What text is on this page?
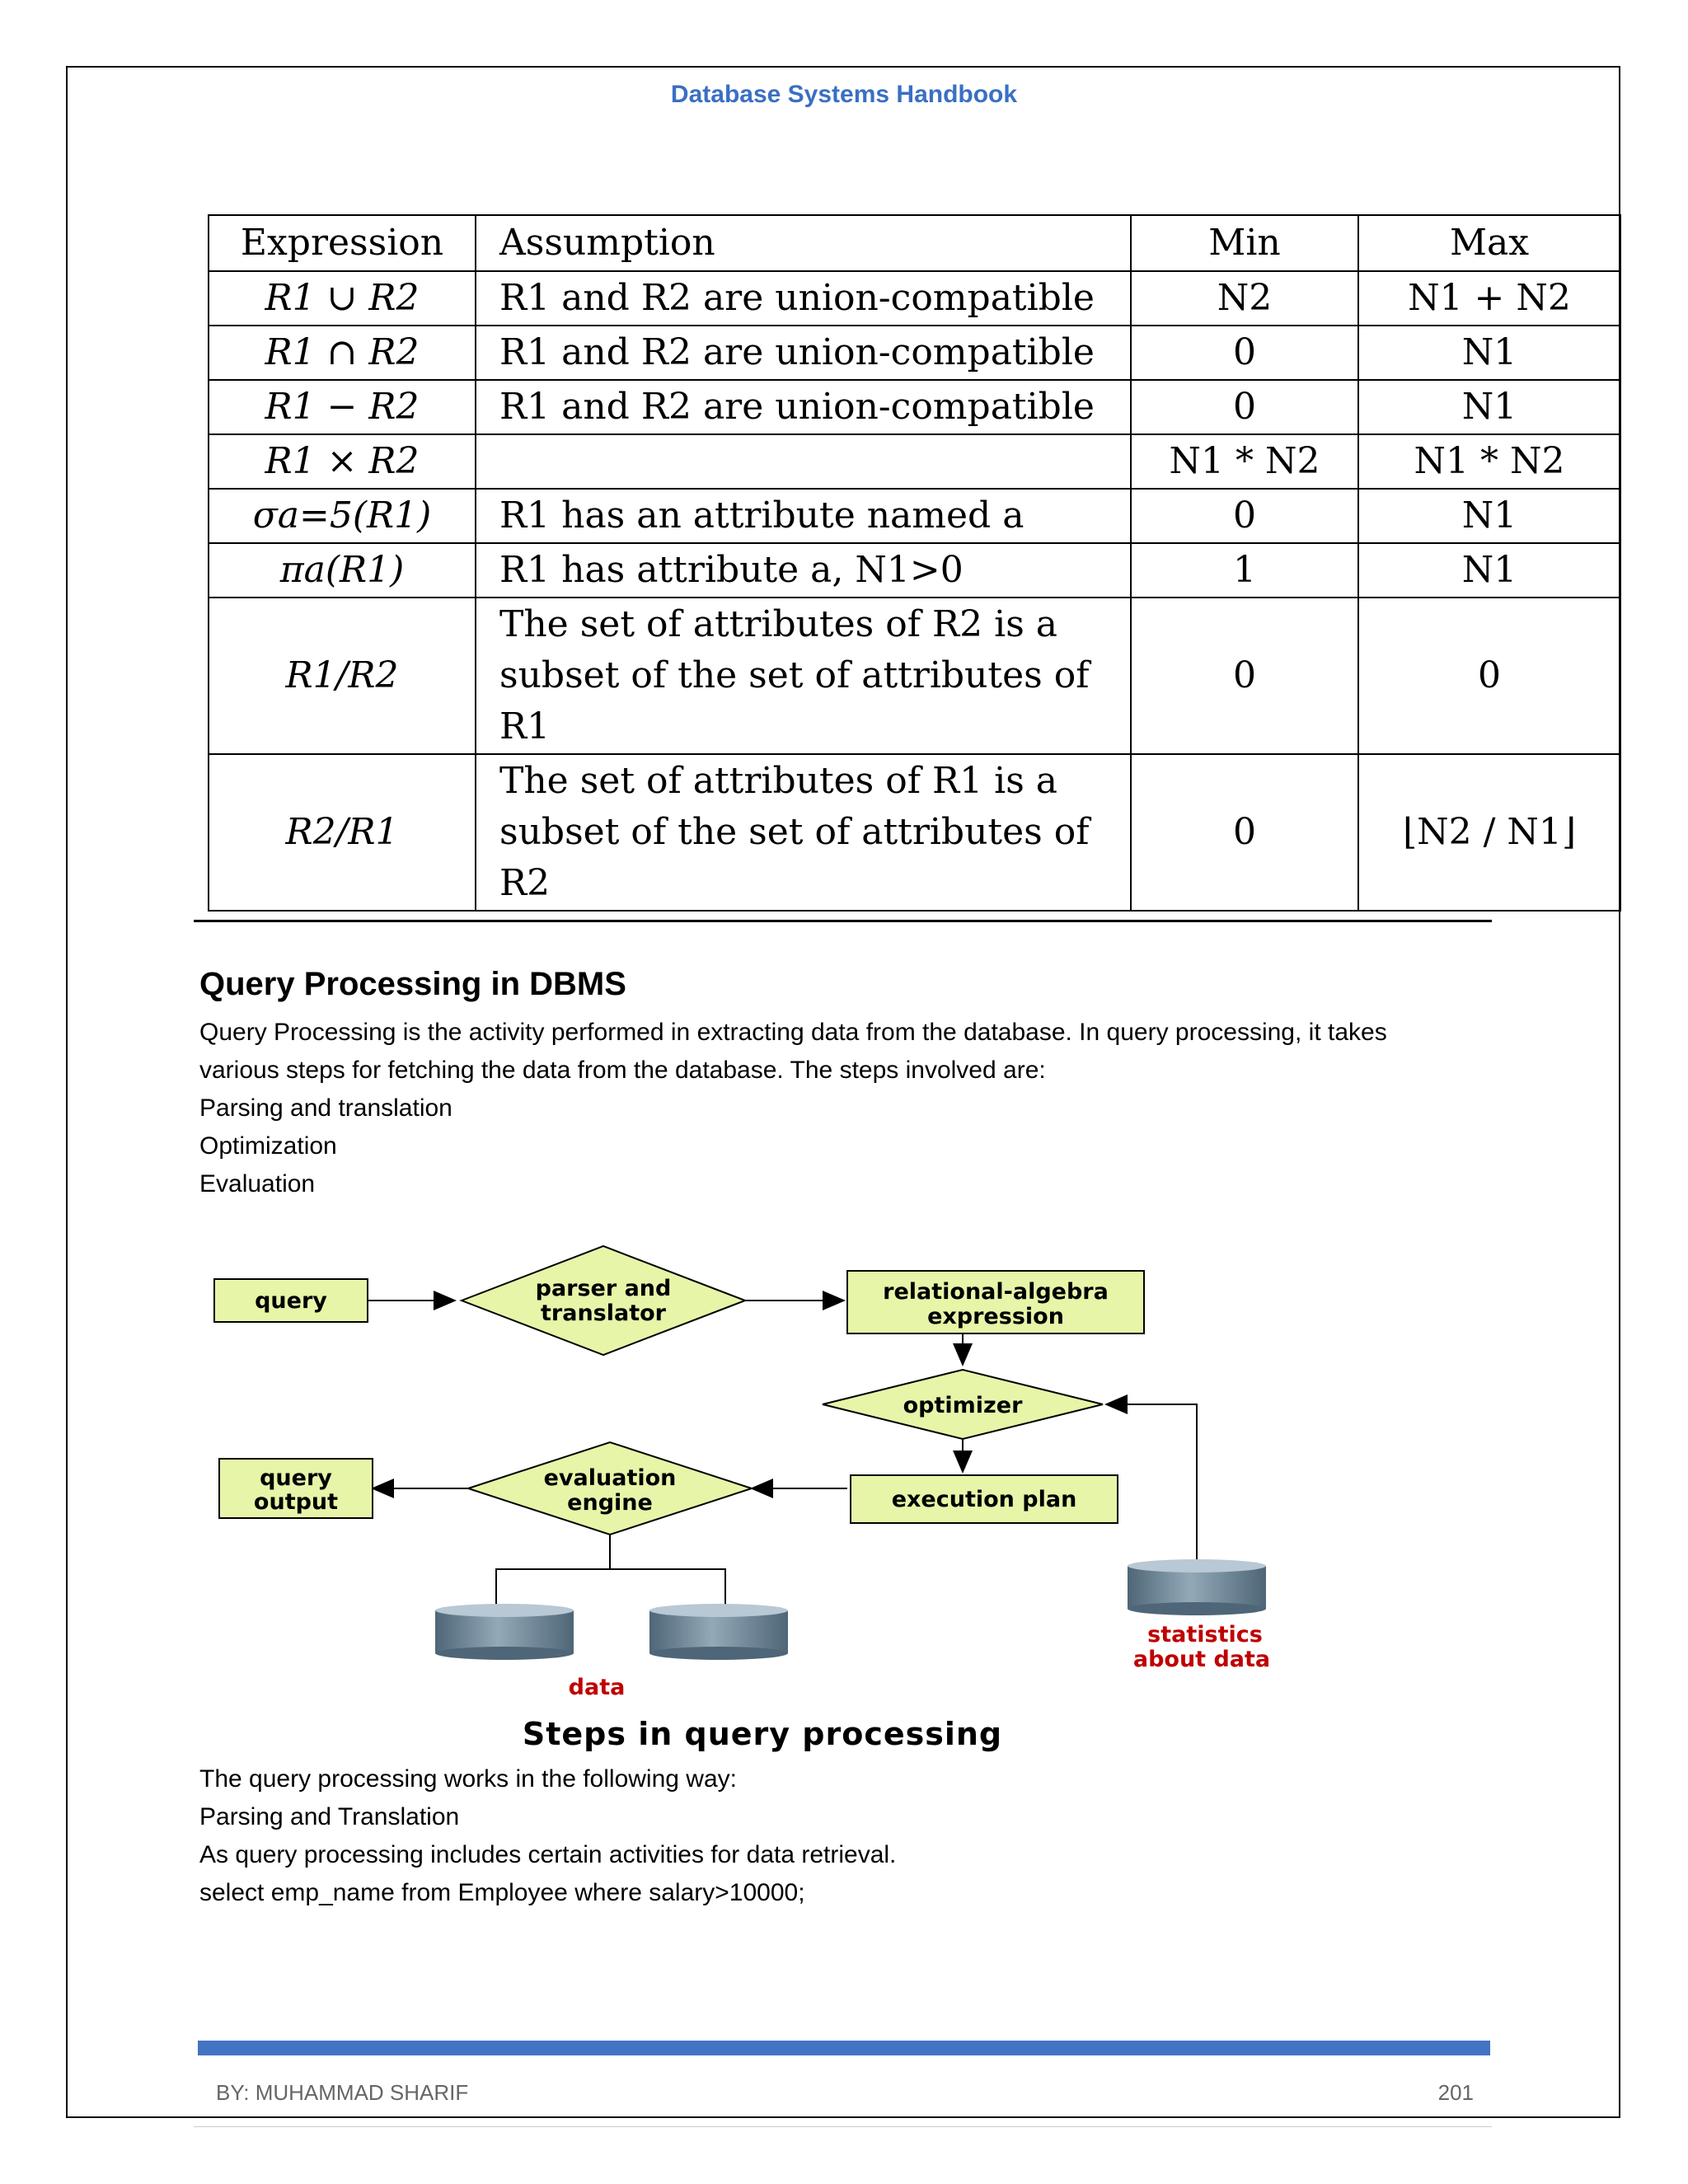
Database Systems Handbook
Expression	Assumption	Min	Max
R1 ∪ R2	R1 and R2 are union-compatible	N2	N1 + N2
R1 ∩ R2	R1 and R2 are union-compatible	0	N1
R1 − R2	R1 and R2 are union-compatible	0	N1
R1 × R2		N1 * N2	N1 * N2
σa=5(R1)	R1 has an attribute named a	0	N1
πa(R1)	R1 has attribute a, N1>0	1	N1
R1/R2	The set of attributes of R2 is a
subset of the set of attributes of
R1	0	0
R2/R1	The set of attributes of R1 is a
subset of the set of attributes of
R2	0	⌊N2 / N1⌋
Query Processing in DBMS
Query Processing is the activity performed in extracting data from the database. In query processing, it takes
various steps for fetching the data from the database. The steps involved are:
Parsing and translation
Optimization
Evaluation
query	parser and
translator
relational-algebra
expression
optimizer
execution plan
evaluation
engine
query
output
data
statistics
about data
Steps in query processing
The query processing works in the following way:
Parsing and Translation
As query processing includes certain activities for data retrieval.
select emp_name from Employee where salary>10000;
BY: MUHAMMAD SHARIF	201
